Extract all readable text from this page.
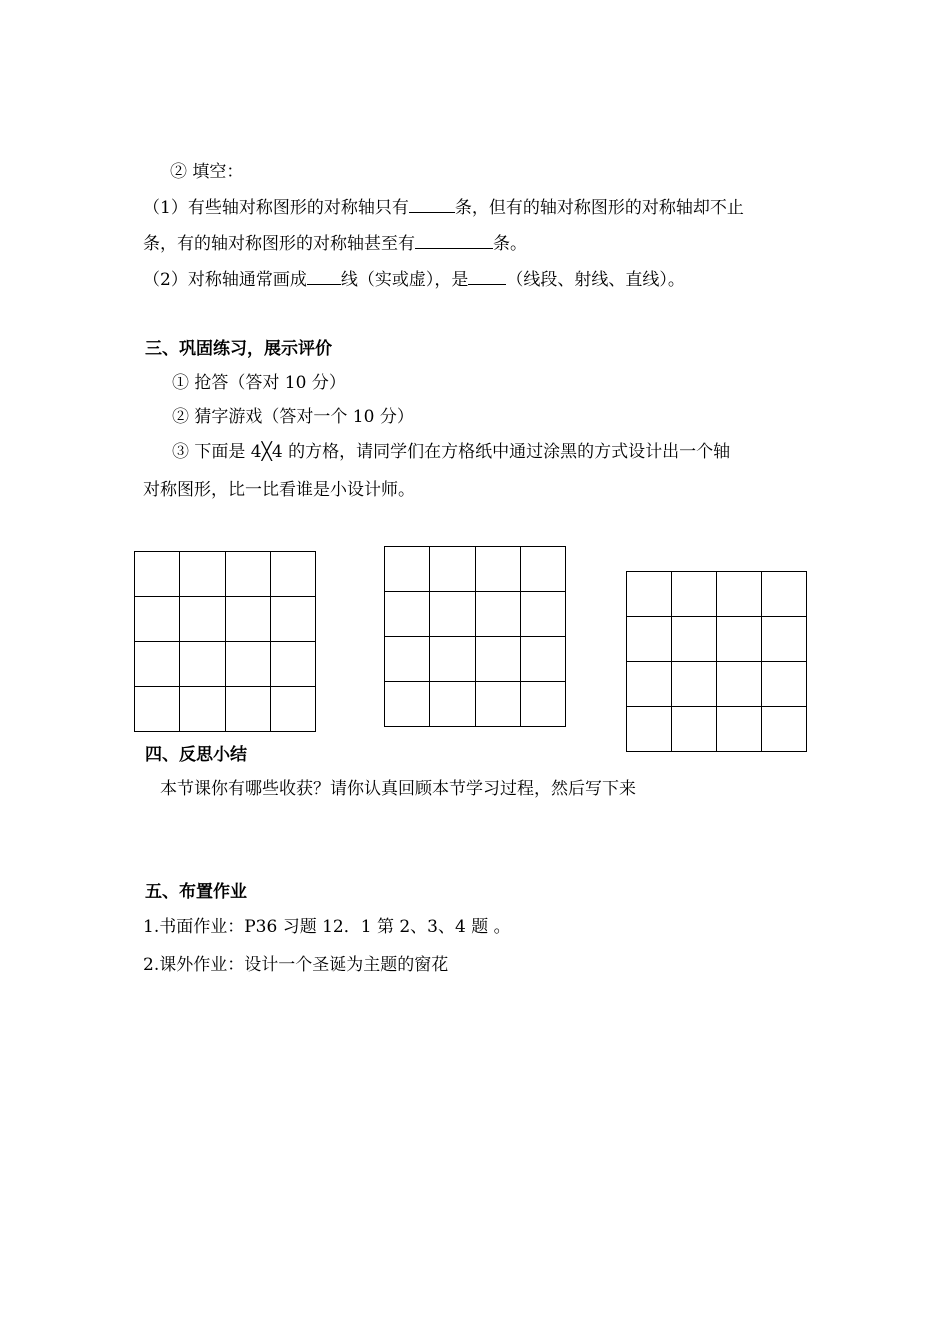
② 填空：
（1）有些轴对称图形的对称轴只有	条，但有的轴对称图形的对称轴却不止
条，有的轴对称图形的对称轴甚至有	条。
（2）对称轴通常画成 线（实或虚），是 （线段、射线、直线）。
三、巩固练习，展示评价
① 抢答（答对 10 分）
② 猜字游戏（答对一个 10 分）
③ 下面是 4╳4 的方格，请同学们在方格纸中通过涂黑的方式设计出一个轴
对称图形，比一比看谁是小设计师。
四、反思小结
本节课你有哪些收获？请你认真回顾本节学习过程，然后写下来
五、布置作业
1.书面作业：P36 习题 12．1 第 2、3、4 题 。
2.课外作业：设计一个圣诞为主题的窗花
